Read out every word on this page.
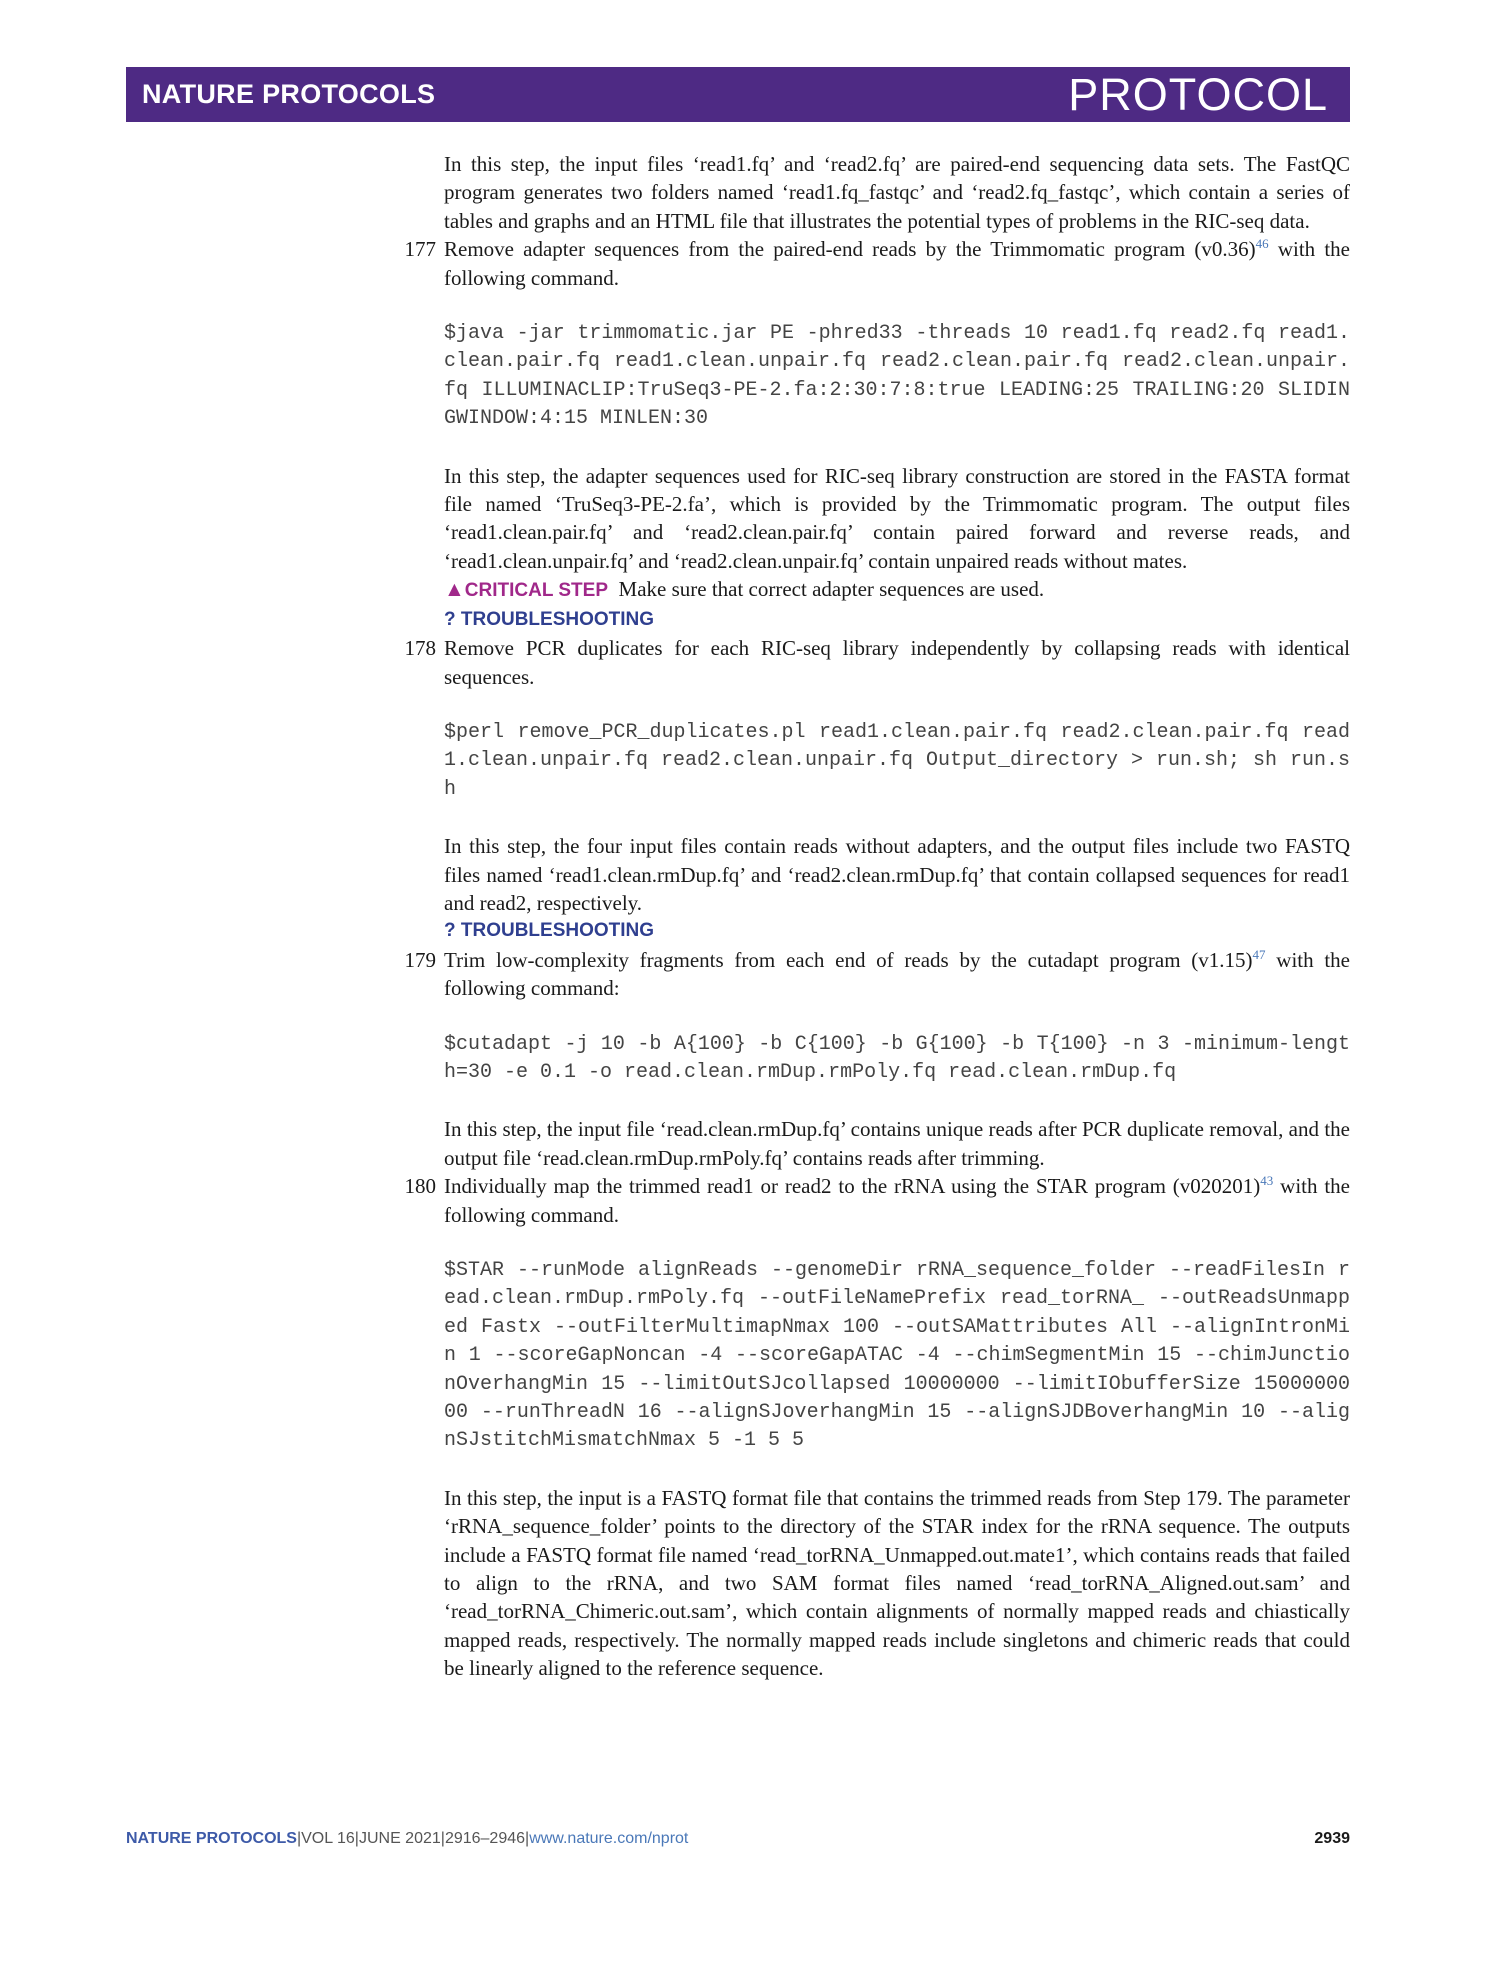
NATURE PROTOCOLS	PROTOCOL

In this step, the input files ‘read1.fq’ and ‘read2.fq’ are paired-end sequencing data sets. The FastQC program generates two folders named ‘read1.fq_fastqc’ and ‘read2.fq_fastqc’, which contain a series of tables and graphs and an HTML file that illustrates the potential types of problems in the RIC-seq data.

177 Remove adapter sequences from the paired-end reads by the Trimmomatic program $(v0.36)^{46}$ with the following command.
$java -jar trimmomatic.jar PE -phred33 -threads 10 read1.fq read2.fq read1.clean.pair.fq read1.clean.unpair.fq read2.clean.pair.fq read2.clean.unpair.fq ILLUMINACLIP:TruSeq3-PE-2.fa:2:30:7:8:true LEADING:25 TRAILING:20 SLIDINGWINDOW:4:15 MINLEN:30

In this step, the adapter sequences used for RIC-seq library construction are stored in the FASTA format file named ‘TruSeq3-PE-2.fa’, which is provided by the Trimmomatic program. The output files ‘read1.clean.pair.fq’ and ‘read2.clean.pair.fq’ contain paired forward and reverse reads, and ‘read1.clean.unpair.fq’ and ‘read2.clean.unpair.fq’ contain unpaired reads without mates.

▲CRITICAL STEP Make sure that correct adapter sequences are used.

? TROUBLESHOOTING

178 Remove PCR duplicates for each RIC-seq library independently by collapsing reads with identical sequences.
$perl remove_PCR_duplicates.pl read1.clean.pair.fq read2.clean.pair.fq read1.clean.unpair.fq read2.clean.unpair.fq Output_directory > run.sh; sh run.sh

In this step, the four input files contain reads without adapters, and the output files include two FASTQ files named ‘read1.clean.rmDup.fq’ and ‘read2.clean.rmDup.fq’ that contain collapsed sequences for read1 and read2, respectively.

? TROUBLESHOOTING

179 Trim low-complexity fragments from each end of reads by the cutadapt program $(v1.15)^{47}$ with the following command:
$cutadapt -j 10 -b A{100} -b C{100} -b G{100} -b T{100} -n 3 -minimum-length=30 -e 0.1 -o read.clean.rmDup.rmPoly.fq read.clean.rmDup.fq

In this step, the input file ‘read.clean.rmDup.fq’ contains unique reads after PCR duplicate removal, and the output file ‘read.clean.rmDup.rmPoly.fq’ contains reads after trimming.

180 Individually map the trimmed read1 or read2 to the rRNA using the STAR program $(v020201)^{43}$ with the following command.
$STAR --runMode alignReads --genomeDir rRNA_sequence_folder --readFilesIn read.clean.rmDup.rmPoly.fq --outFileNamePrefix read_torRNA_ --outReadsUnmapped Fastx --outFilterMultimapNmax 100 --outSAMattributes All --alignIntronMin 1 --scoreGapNoncan -4 --scoreGapATAC -4 --chimSegmentMin 15 --chimJunctionOverhangMin 15 --limitOutSJcollapsed 10000000 --limitIObufferSize 1500000000 --runThreadN 16 --alignSJoverhangMin 15 --alignSJDBoverhangMin 10 --alignSJstitchMismatchNmax 5 -1 5 5

In this step, the input is a FASTQ format file that contains the trimmed reads from Step 179. The parameter ‘rRNA_sequence_folder’ points to the directory of the STAR index for the rRNA sequence. The outputs include a FASTQ format file named ‘read_torRNA_Unmapped.out.mate1’, which contains reads that failed to align to the rRNA, and two SAM format files named ‘read_torRNA_Aligned.out.sam’ and ‘read_torRNA_Chimeric.out.sam’, which contain alignments of normally mapped reads and chiastically mapped reads, respectively. The normally mapped reads include singletons and chimeric reads that could be linearly aligned to the reference sequence.

NATURE PROTOCOLS|VOL 16|JUNE 2021|2916–2946|www.nature.com/nprot	2939
